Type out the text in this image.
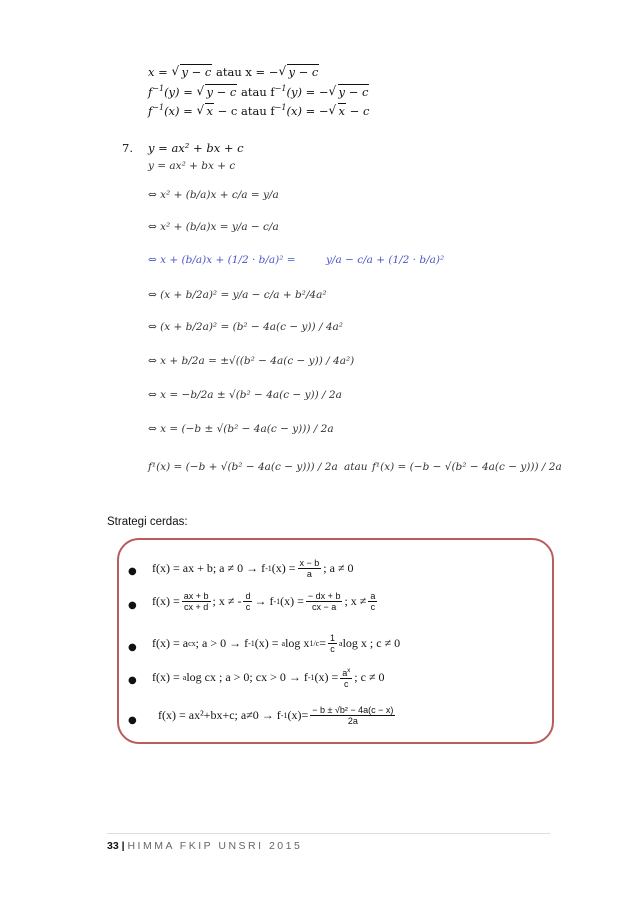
x = √ y − c atau x = − √ y − c
$f^{-1}(y)$ = √ y − c atau $f^{-1}(y)$ = − √ y − c
$f^{-1}(x)$ = √ x − c atau $f^{-1}(x)$ = − √ x − c
7. y = ax² + bx + c
y = ax² + bx + c
⇔ x² + (b/a)x + c/a = y/a
⇔ x² + (b/a)x = y/a − c/a
⇔ x + (b/a)x + (1/2 · b/a)² =	y/a − c/a + (1/2 · b/a)²
⇔ (x + b/2a)² = y/a − c/a + b²/4a²
⇔ (x + b/2a)² = (b² − 4a(c − y)) / 4a²
⇔ x + b/2a = ±√((b² − 4a(c − y)) / 4a²)
⇔ x = −b/2a ± √(b² − 4a(c − y)) / 2a
⇔ x = (−b ± √(b² − 4a(c − y))) / 2a
f¹(x) = (−b + √(b² − 4a(c − y))) / 2a atau f¹(x) = (−b − √(b² − 4a(c − y))) / 2a
Strategi cerdas:
● f(x) = ax + b; a ≠ 0 → f -1 $(x) = \frac{x - b}{a}$ ; a ≠ 0
● $f(x) = \frac{ax + b}{cx + d}$ ; x ≠ - $\frac{d}{c} \to f$ -1 $(x) = \frac{- dx + b}{cx - a}$ ; $x \ne \frac{a}{c}$
● f(x) = a cx ; a > 0 → f -1 (x) =
a log x $1/c = \frac{1}{c}$ a log x ; c ≠ 0
● f(x) =
a log cx ; a > 0; cx > 0 → f -1 $(x) = \frac{a^x}{c}$ ; c ≠ 0
● f(x) = ax²+bx+c; a≠0 → f -1 $(x)= \frac{\text{− b ± √b² − 4a(c − x)}}{2a}$
33 | HIMMA FKIP UNSRI 2015
